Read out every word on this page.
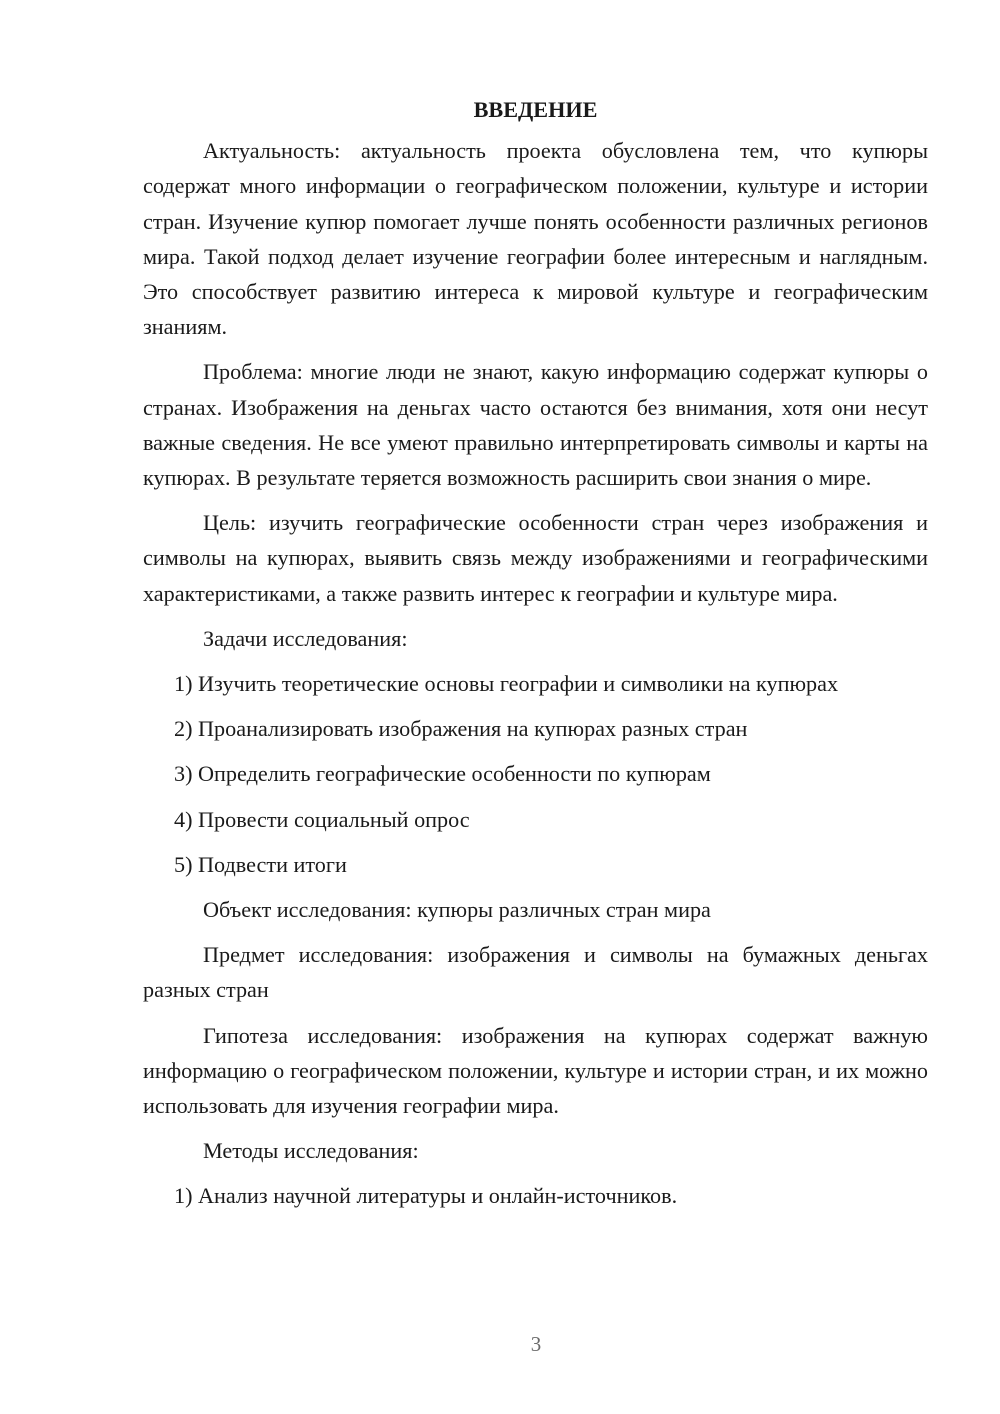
ВВЕДЕНИЕ

Актуальность: актуальность проекта обусловлена тем, что купюры содержат много информации о географическом положении, культуре и истории стран. Изучение купюр помогает лучше понять особенности различных регионов мира. Такой подход делает изучение географии более интересным и наглядным. Это способствует развитию интереса к мировой культуре и географическим знаниям.

Проблема: многие люди не знают, какую информацию содержат купюры о странах. Изображения на деньгах часто остаются без внимания, хотя они несут важные сведения. Не все умеют правильно интерпретировать символы и карты на купюрах. В результате теряется возможность расширить свои знания о мире.

Цель: изучить географические особенности стран через изображения и символы на купюрах, выявить связь между изображениями и географическими характеристиками, а также развить интерес к географии и культуре мира.

Задачи исследования:

1) Изучить теоретические основы географии и символики на купюрах

2) Проанализировать изображения на купюрах разных стран

3) Определить географические особенности по купюрам

4) Провести социальный опрос

5) Подвести итоги

Объект исследования: купюры различных стран мира

Предмет исследования: изображения и символы на бумажных деньгах разных стран

Гипотеза исследования: изображения на купюрах содержат важную информацию о географическом положении, культуре и истории стран, и их можно использовать для изучения географии мира.

Методы исследования:

1) Анализ научной литературы и онлайн-источников.

3
